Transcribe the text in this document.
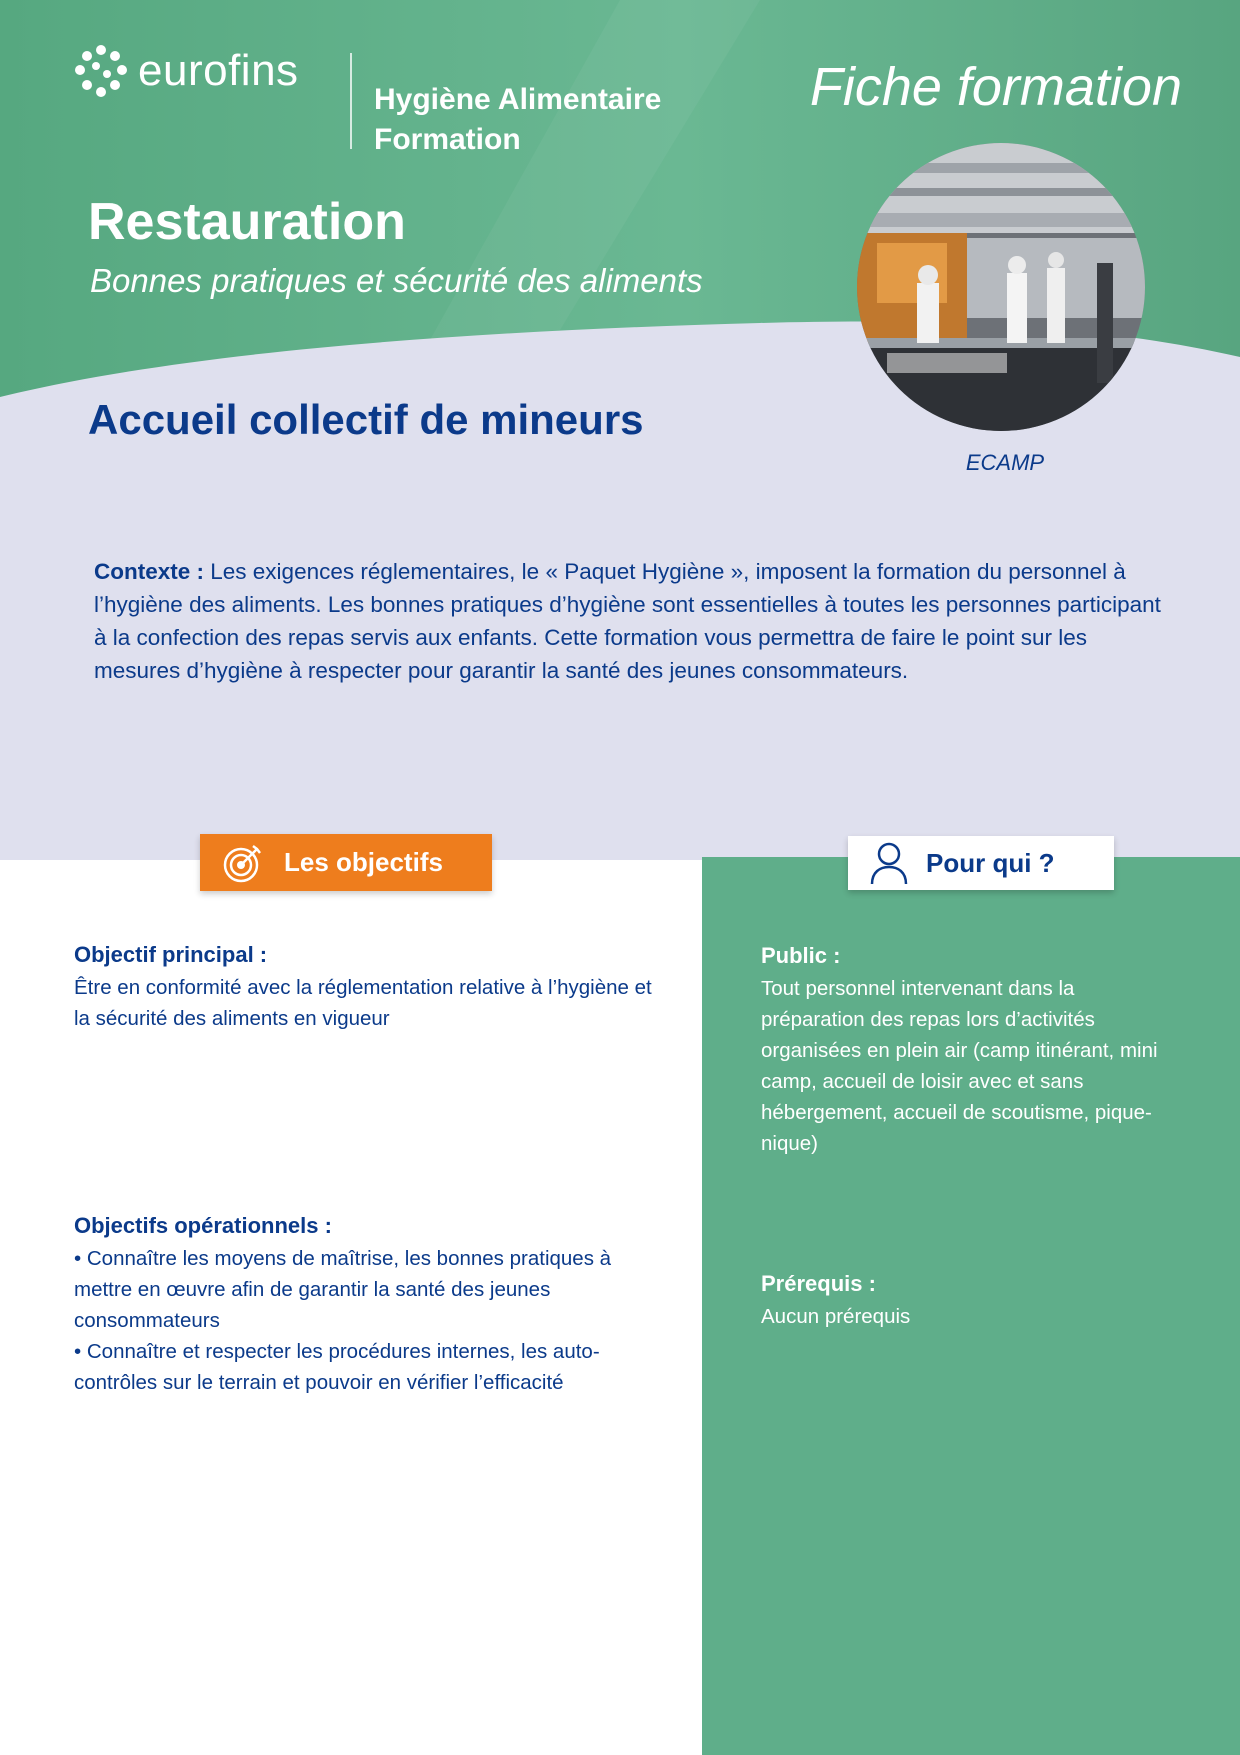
eurofins
Hygiène Alimentaire
Formation
Fiche formation
Restauration
Bonnes pratiques et sécurité des aliments
Accueil collectif de mineurs
ECAMP
Contexte : Les exigences réglementaires, le « Paquet Hygiène », imposent la formation du personnel à l’hygiène des aliments. Les bonnes pratiques d’hygiène sont essentielles à toutes les personnes participant à la confection des repas servis aux enfants. Cette formation vous permettra de faire le point sur les mesures d’hygiène à respecter pour garantir la santé des jeunes consommateurs.
Les objectifs	Pour qui ?
Objectif principal :

Être en conformité avec la réglementation relative à l’hygiène et la sécurité des aliments en vigueur

Objectifs opérationnels :

• Connaître les moyens de maîtrise, les bonnes pratiques à mettre en œuvre afin de garantir la santé des jeunes consommateurs

• Connaître et respecter les procédures internes, les auto-contrôles sur le terrain et pouvoir en vérifier l’efficacité

Public :

Tout personnel intervenant dans la préparation des repas lors d’activités organisées en plein air (camp itinérant, mini camp, accueil de loisir avec et sans hébergement, accueil de scoutisme, pique-nique)

Prérequis :

Aucun prérequis
